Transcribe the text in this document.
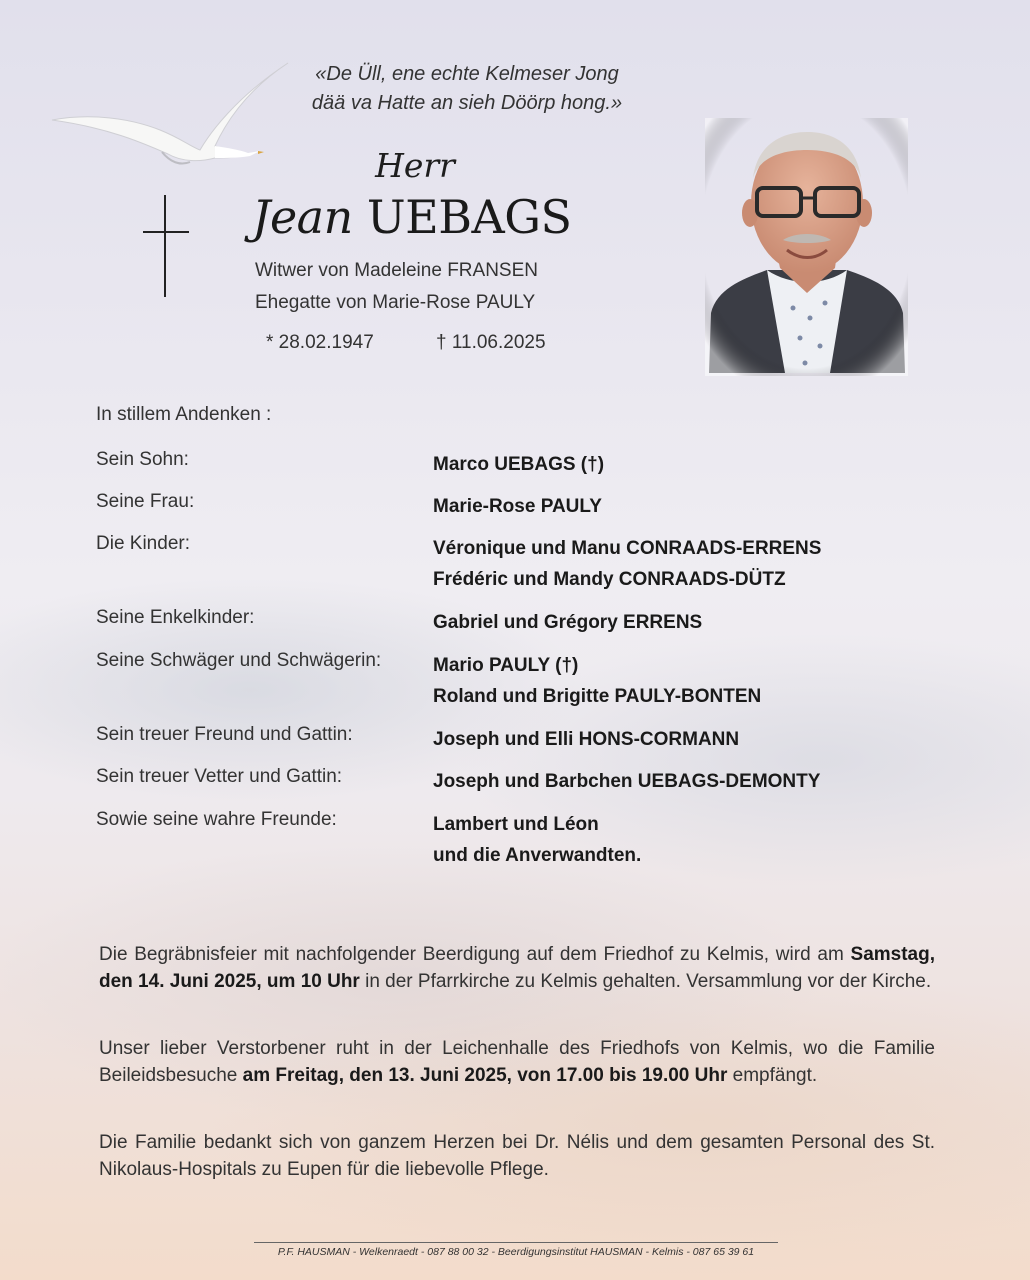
«De Üll, ene echte Kelmeser Jong
dää va Hatte an sieh Döörp hong.»
Herr
Jean UEBAGS
Witwer von Madeleine FRANSEN
Ehegatte von Marie-Rose PAULY
* 28.02.1947	† 11.06.2025
In stillem Andenken :
Sein Sohn:	Marco UEBAGS (†)
Seine Frau:	Marie-Rose PAULY
Die Kinder:	Véronique und Manu CONRAADS-ERRENS
Frédéric und Mandy CONRAADS-DÜTZ
Seine Enkelkinder:	Gabriel und Grégory ERRENS
Seine Schwäger und Schwägerin:	Mario PAULY (†)
Roland und Brigitte PAULY-BONTEN
Sein treuer Freund und Gattin:	Joseph und Elli HONS-CORMANN
Sein treuer Vetter und Gattin:	Joseph und Barbchen UEBAGS-DEMONTY
Sowie seine wahre Freunde:	Lambert und Léon
und die Anverwandten.
Die Begräbnisfeier mit nachfolgender Beerdigung auf dem Friedhof zu Kelmis, wird am Samstag, den 14. Juni 2025, um 10 Uhr in der Pfarrkirche zu Kelmis gehalten. Versammlung vor der Kirche.
Unser lieber Verstorbener ruht in der Leichenhalle des Friedhofs von Kelmis, wo die Familie Beileidsbesuche am Freitag, den 13. Juni 2025, von 17.00 bis 19.00 Uhr empfängt.
Die Familie bedankt sich von ganzem Herzen bei Dr. Nélis und dem gesamten Personal des St. Nikolaus-Hospitals zu Eupen für die liebevolle Pflege.
P.F. HAUSMAN - Welkenraedt - 087 88 00 32 - Beerdigungsinstitut HAUSMAN - Kelmis - 087 65 39 61
